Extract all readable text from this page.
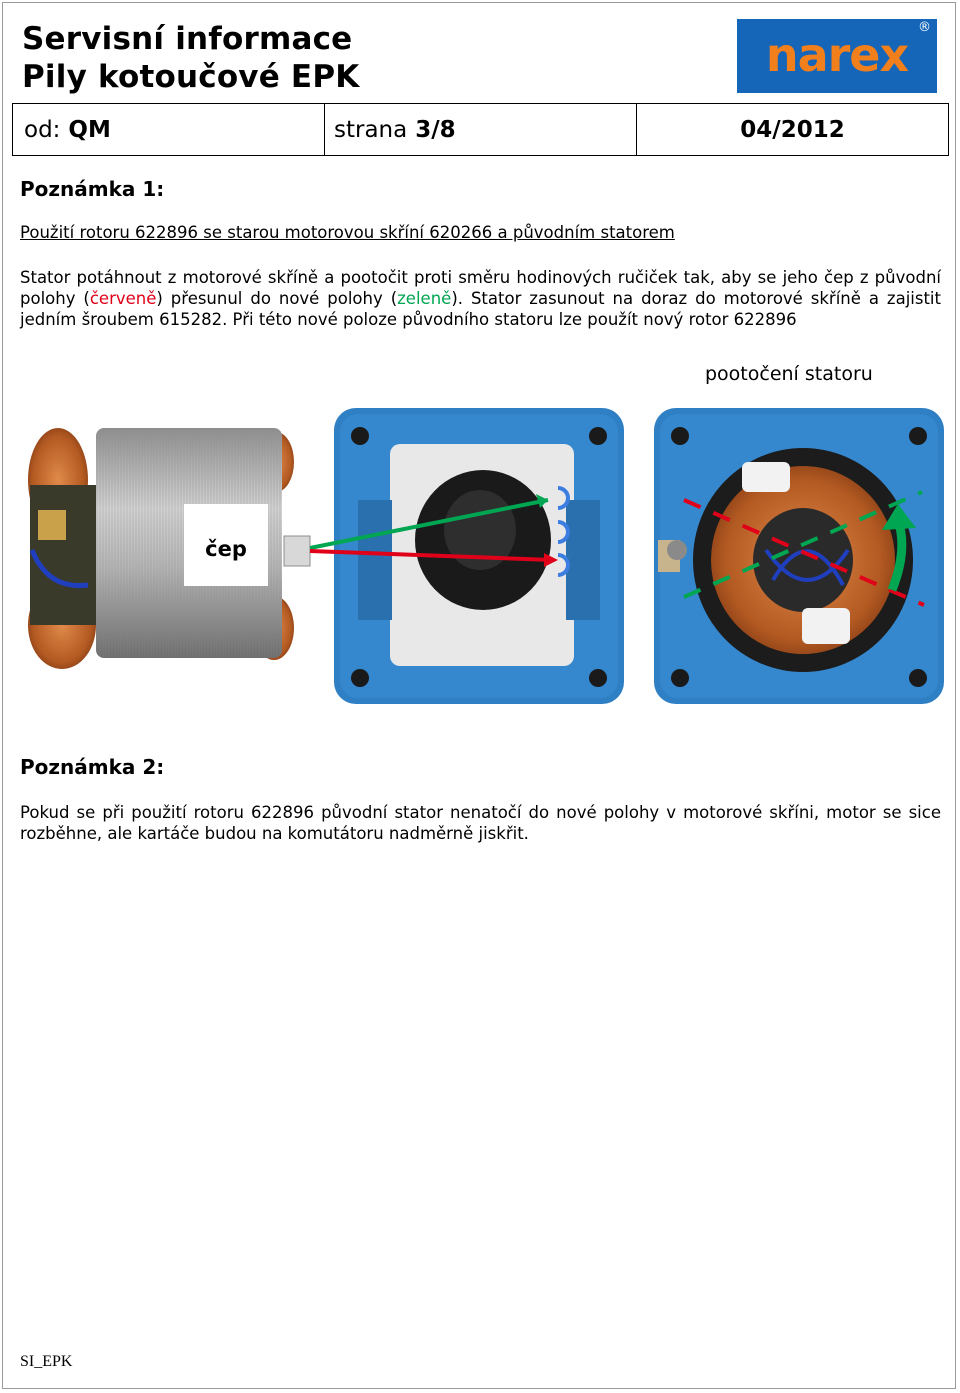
Servisní informace
Pily kotoučové EPK	narex
®
od: QM	strana 3/8	04/2012
Poznámka 1:
Použití rotoru 622896 se starou motorovou skříní 620266 a původním statorem
Stator potáhnout z motorové skříně a pootočit proti směru hodinových ručiček tak, aby se jeho čep z původní polohy (červeně) přesunul do nové polohy (zeleně). Stator zasunout na doraz do motorové skříně a zajistit jedním šroubem 615282. Při této nové poloze původního statoru lze použít nový rotor 622896
pootočení statoru
čep
Poznámka 2:
Pokud se při použití rotoru 622896 původní stator nenatočí do nové polohy v motorové skříni, motor se sice rozběhne, ale kartáče budou na komutátoru nadměrně jiskřit.
SI_EPK
